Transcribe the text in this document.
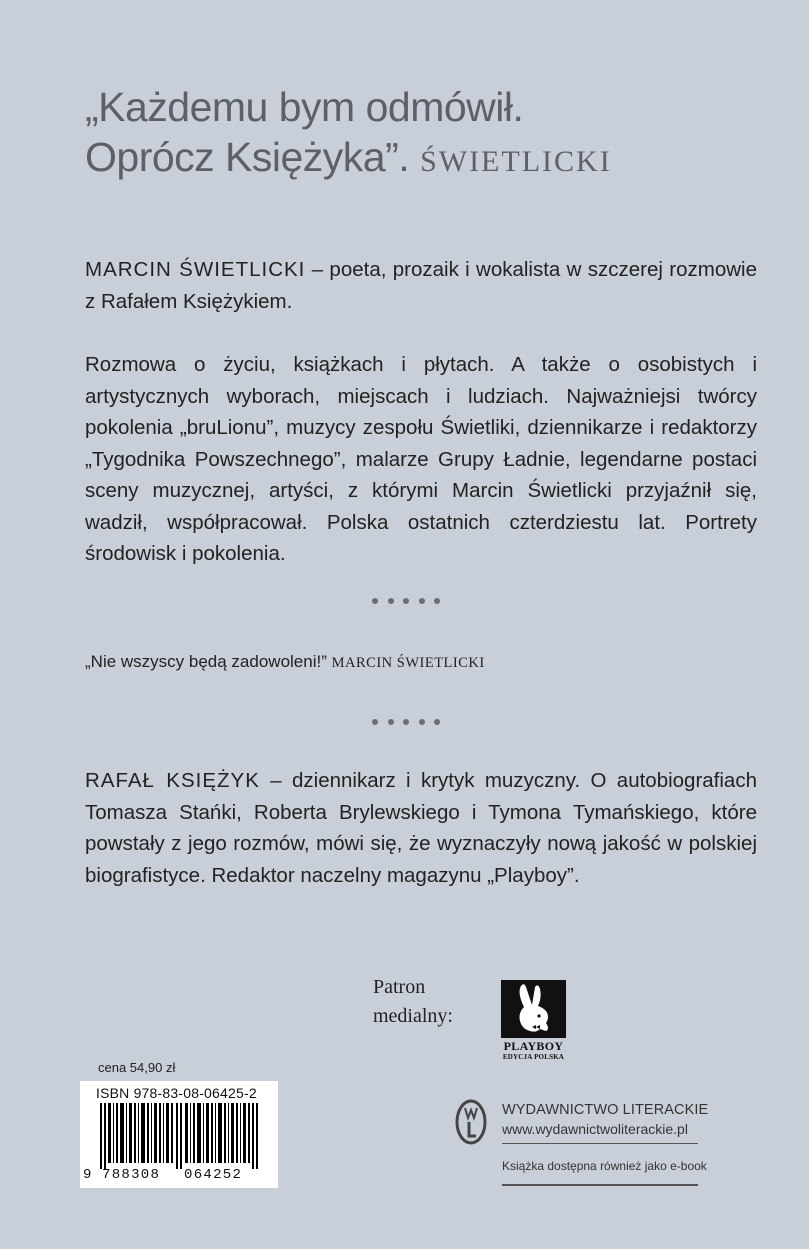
„Każdemu bym odmówił.
Oprócz Księżyka”. ŚWIETLICKI
MARCIN ŚWIETLICKI – poeta, prozaik i wokalista w szczerej rozmowie z Rafałem Księżykiem.
Rozmowa o życiu, książkach i płytach. A także o osobistych i artystycznych wyborach, miejscach i ludziach. Najważniejsi twórcy pokolenia „bruLionu”, muzycy zespołu Świetliki, dziennikarze i redaktorzy „Tygodnika Powszechnego”, malarze Grupy Ładnie, legendarne postaci sceny muzycznej, artyści, z którymi Marcin Świetlicki przyjaźnił się, wadził, współpracował. Polska ostatnich czterdziestu lat. Portrety środowisk i pokolenia.
„Nie wszyscy będą zadowoleni!” MARCIN ŚWIETLICKI
RAFAŁ KSIĘŻYK – dziennikarz i krytyk muzyczny. O autobiografiach Tomasza Stańki, Roberta Brylewskiego i Tymona Tymańskiego, które powstały z jego rozmów, mówi się, że wyznaczyły nową jakość w polskiej biografistyce. Redaktor naczelny magazynu „Playboy”.
Patron
medialny:
PLAYBOY
EDYCJA POLSKA
cena 54,90 zł
ISBN 978-83-08-06425-2
9 788308 064252
WYDAWNICTWO LITERACKIE
www.wydawnictwoliterackie.pl
Książka dostępna również jako e-book
